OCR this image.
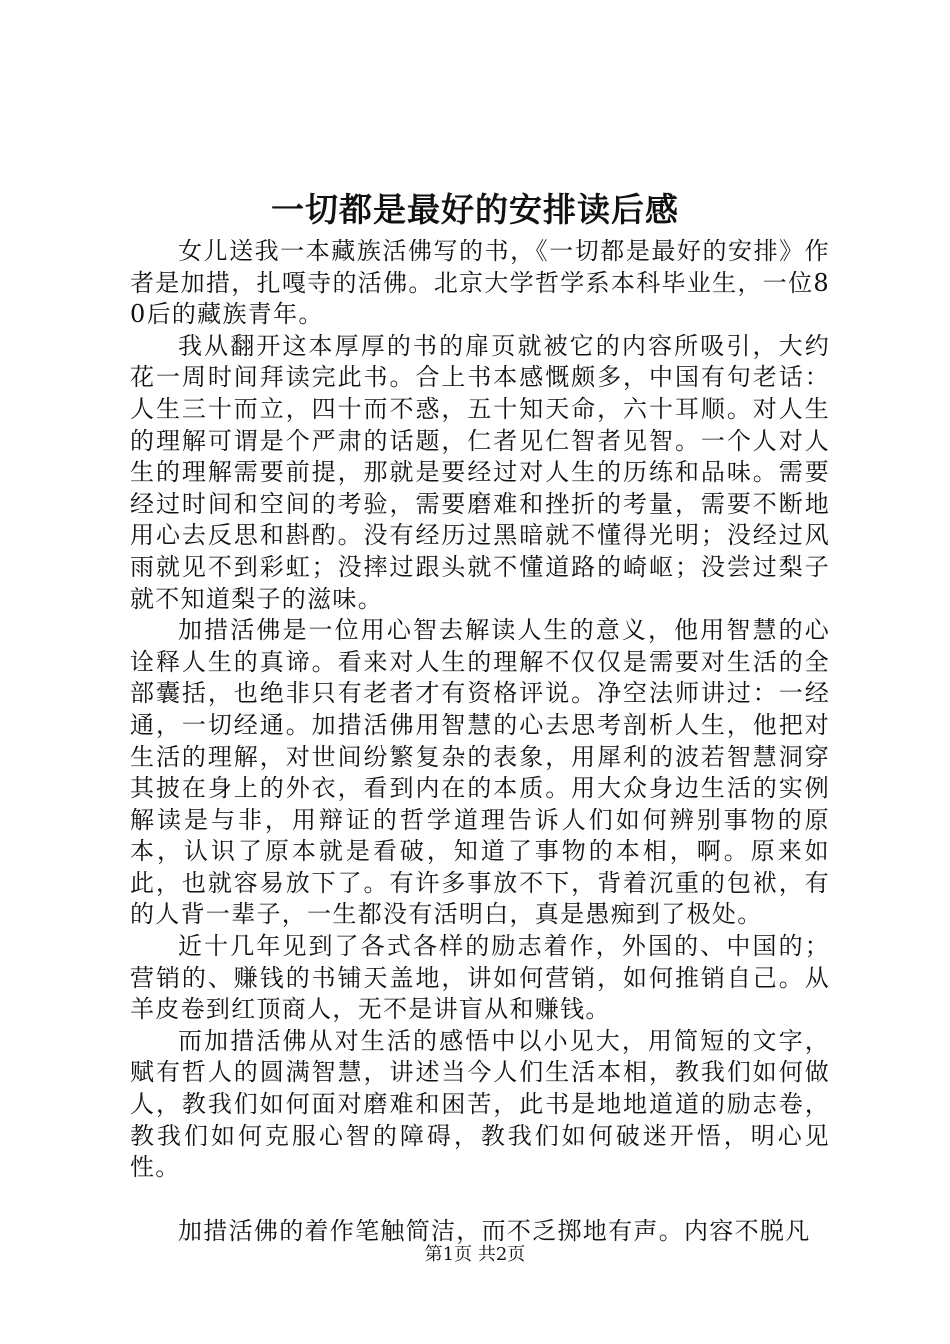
一切都是最好的安排读后感

女儿送我一本藏族活佛写的书，《一切都是最好的安排》作者是加措，扎嘎寺的活佛。北京大学哲学系本科毕业生，一位80后的藏族青年。

我从翻开这本厚厚的书的扉页就被它的内容所吸引，大约花一周时间拜读完此书。合上书本感慨颇多，中国有句老话：人生三十而立，四十而不惑，五十知天命，六十耳顺。对人生的理解可谓是个严肃的话题，仁者见仁智者见智。一个人对人生的理解需要前提，那就是要经过对人生的历练和品味。需要经过时间和空间的考验，需要磨难和挫折的考量，需要不断地用心去反思和斟酌。没有经历过黑暗就不懂得光明；没经过风雨就见不到彩虹；没摔过跟头就不懂道路的崎岖；没尝过梨子就不知道梨子的滋味。

加措活佛是一位用心智去解读人生的意义，他用智慧的心诠释人生的真谛。看来对人生的理解不仅仅是需要对生活的全部囊括，也绝非只有老者才有资格评说。净空法师讲过：一经通，一切经通。加措活佛用智慧的心去思考剖析人生，他把对生活的理解，对世间纷繁复杂的表象，用犀利的波若智慧洞穿其披在身上的外衣，看到内在的本质。用大众身边生活的实例解读是与非，用辩证的哲学道理告诉人们如何辨别事物的原本，认识了原本就是看破，知道了事物的本相，啊。原来如此，也就容易放下了。有许多事放不下，背着沉重的包袱，有的人背一辈子，一生都没有活明白，真是愚痴到了极处。

近十几年见到了各式各样的励志着作，外国的、中国的；营销的、赚钱的书铺天盖地，讲如何营销，如何推销自己。从羊皮卷到红顶商人，无不是讲盲从和赚钱。

而加措活佛从对生活的感悟中以小见大，用简短的文字，赋有哲人的圆满智慧，讲述当今人们生活本相，教我们如何做人，教我们如何面对磨难和困苦，此书是地地道道的励志卷，教我们如何克服心智的障碍，教我们如何破迷开悟，明心见性。

加措活佛的着作笔触简洁，而不乏掷地有声。内容不脱凡

第1页 共2页
